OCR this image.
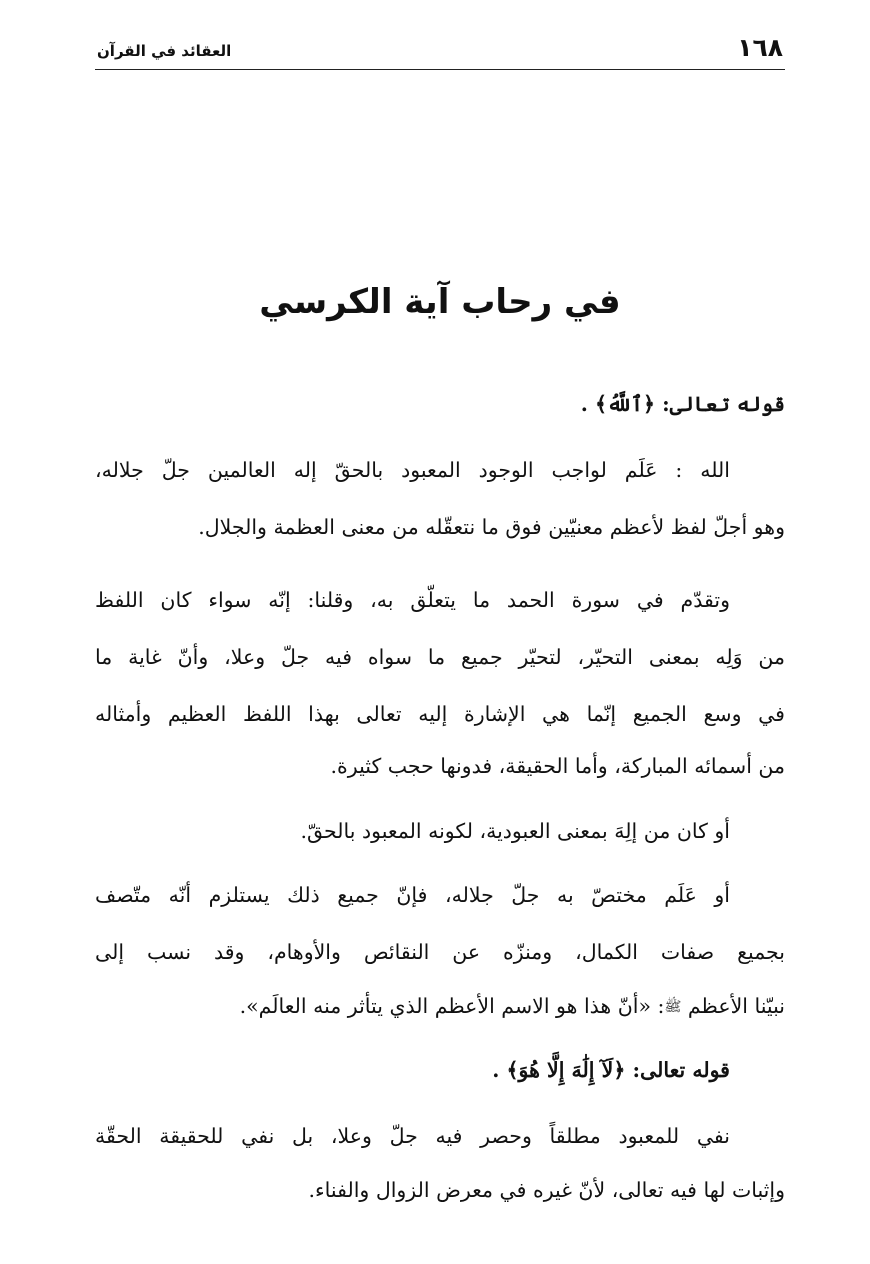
١٦٨
العقائد في القرآن
في رحاب آية الكرسي
قوله تعالى: ﴿ٱللَّهُ﴾ .
الله : عَلَم لواجب الوجود المعبود بالحقّ إله العالمين جلّ جلاله،
وهو أجلّ لفظ لأعظم معنيّين فوق ما نتعقّله من معنى العظمة والجلال.
وتقدّم في سورة الحمد ما يتعلّق به، وقلنا: إنّه سواء كان اللفظ
من وَلِه بمعنى التحيّر، لتحيّر جميع ما سواه فيه جلّ وعلا، وأنّ غاية ما
في وسع الجميع إنّما هي الإشارة إليه تعالى بهذا اللفظ العظيم وأمثاله
من أسمائه المباركة، وأما الحقيقة، فدونها حجب كثيرة.
أو كان من إلِهَ بمعنى العبودية، لكونه المعبود بالحقّ.
أو عَلَم مختصّ به جلّ جلاله، فإنّ جميع ذلك يستلزم أنّه متّصف
بجميع صفات الكمال، ومنزّه عن النقائص والأوهام، وقد نسب إلى
نبيّنا الأعظم ﷺ: «أنّ هذا هو الاسم الأعظم الذي يتأثر منه العالَم».
قوله تعالى: ﴿لَآ إِلَٰهَ إِلَّا هُوَ﴾ .
نفي للمعبود مطلقاً وحصر فيه جلّ وعلا، بل نفي للحقيقة الحقّة
وإثبات لها فيه تعالى، لأنّ غيره في معرض الزوال والفناء.
